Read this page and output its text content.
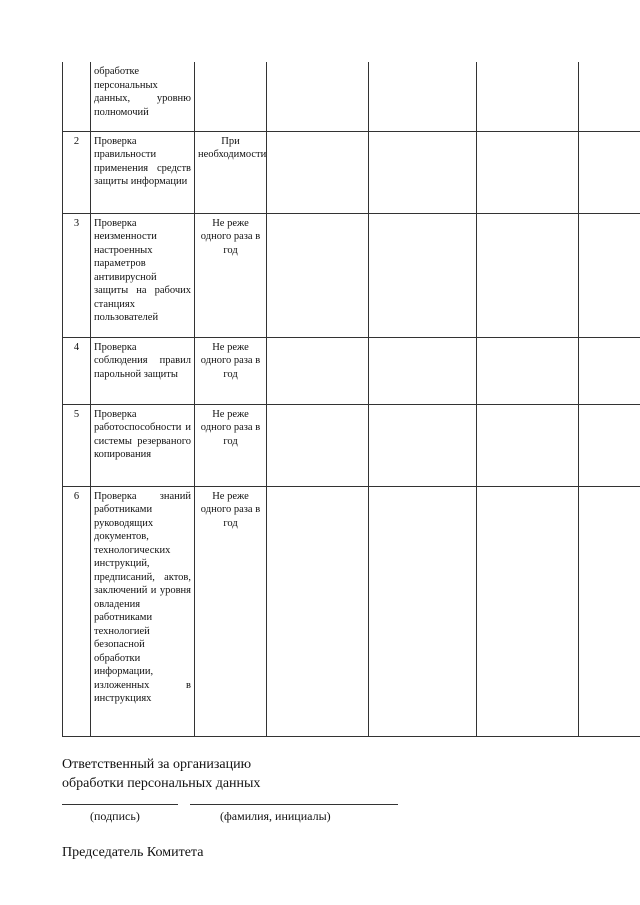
	обработке персональных данных, уровню полномочий					
2	Проверка правильности применения средств защиты информации	При необходимости				
3	Проверка неизменности настроенных параметров антивирусной защиты на рабочих станциях пользователей	Не реже одного раза в год				
4	Проверка соблюдения правил парольной защиты	Не реже одного раза в год				
5	Проверка работоспособности и системы резерваного копирования	Не реже одного раза в год				
6	Проверка знаний работниками руководящих документов, технологических инструкций, предписаний, актов, заключений и уровня овладения работниками технологией безопасной обработки информации, изложенных в инструкциях	Не реже одного раза в год				
Ответственный за организацию
обработки персональных данных
(подпись)	(фамилия, инициалы)
Председатель Комитета
